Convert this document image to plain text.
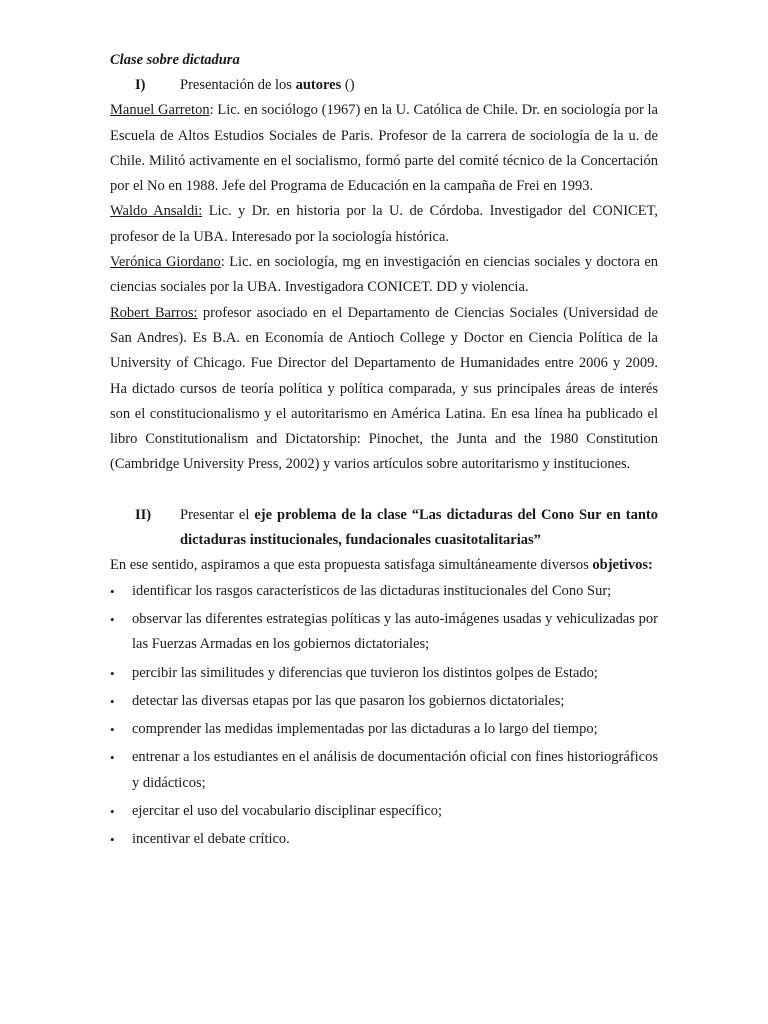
Clase sobre dictadura
I)	Presentación de los autores ()
Manuel Garreton: Lic. en sociólogo (1967) en la U. Católica de Chile. Dr. en sociología por la Escuela de Altos Estudios Sociales de Paris. Profesor de la carrera de sociología de la u. de Chile. Militó activamente en el socialismo, formó parte del comité técnico de la Concertación por el No en 1988. Jefe del Programa de Educación en la campaña de Frei en 1993.
Waldo Ansaldi: Lic. y Dr. en historia por la U. de Córdoba. Investigador del CONICET, profesor de la UBA. Interesado por la sociología histórica.
Verónica Giordano: Lic. en sociología, mg en investigación en ciencias sociales y doctora en ciencias sociales por la UBA. Investigadora CONICET. DD y violencia.
Robert Barros: profesor asociado en el Departamento de Ciencias Sociales (Universidad de San Andres). Es B.A. en Economía de Antioch College y Doctor en Ciencia Política de la University of Chicago. Fue Director del Departamento de Humanidades entre 2006 y 2009. Ha dictado cursos de teoría política y política comparada, y sus principales áreas de interés son el constitucionalismo y el autoritarismo en América Latina. En esa línea ha publicado el libro Constitutionalism and Dictatorship: Pinochet, the Junta and the 1980 Constitution (Cambridge University Press, 2002) y varios artículos sobre autoritarismo y instituciones.
II)	Presentar el eje problema de la clase “Las dictaduras del Cono Sur en tanto dictaduras institucionales, fundacionales cuasitotalitarias”
En ese sentido, aspiramos a que esta propuesta satisfaga simultáneamente diversos objetivos:
• identificar los rasgos característicos de las dictaduras institucionales del Cono Sur;
• observar las diferentes estrategias políticas y las auto-imágenes usadas y vehiculizadas por las Fuerzas Armadas en los gobiernos dictatoriales;
• percibir las similitudes y diferencias que tuvieron los distintos golpes de Estado;
• detectar las diversas etapas por las que pasaron los gobiernos dictatoriales;
• comprender las medidas implementadas por las dictaduras a lo largo del tiempo;
• entrenar a los estudiantes en el análisis de documentación oficial con fines historiográficos y didácticos;
• ejercitar el uso del vocabulario disciplinar específico;
• incentivar el debate crítico.
